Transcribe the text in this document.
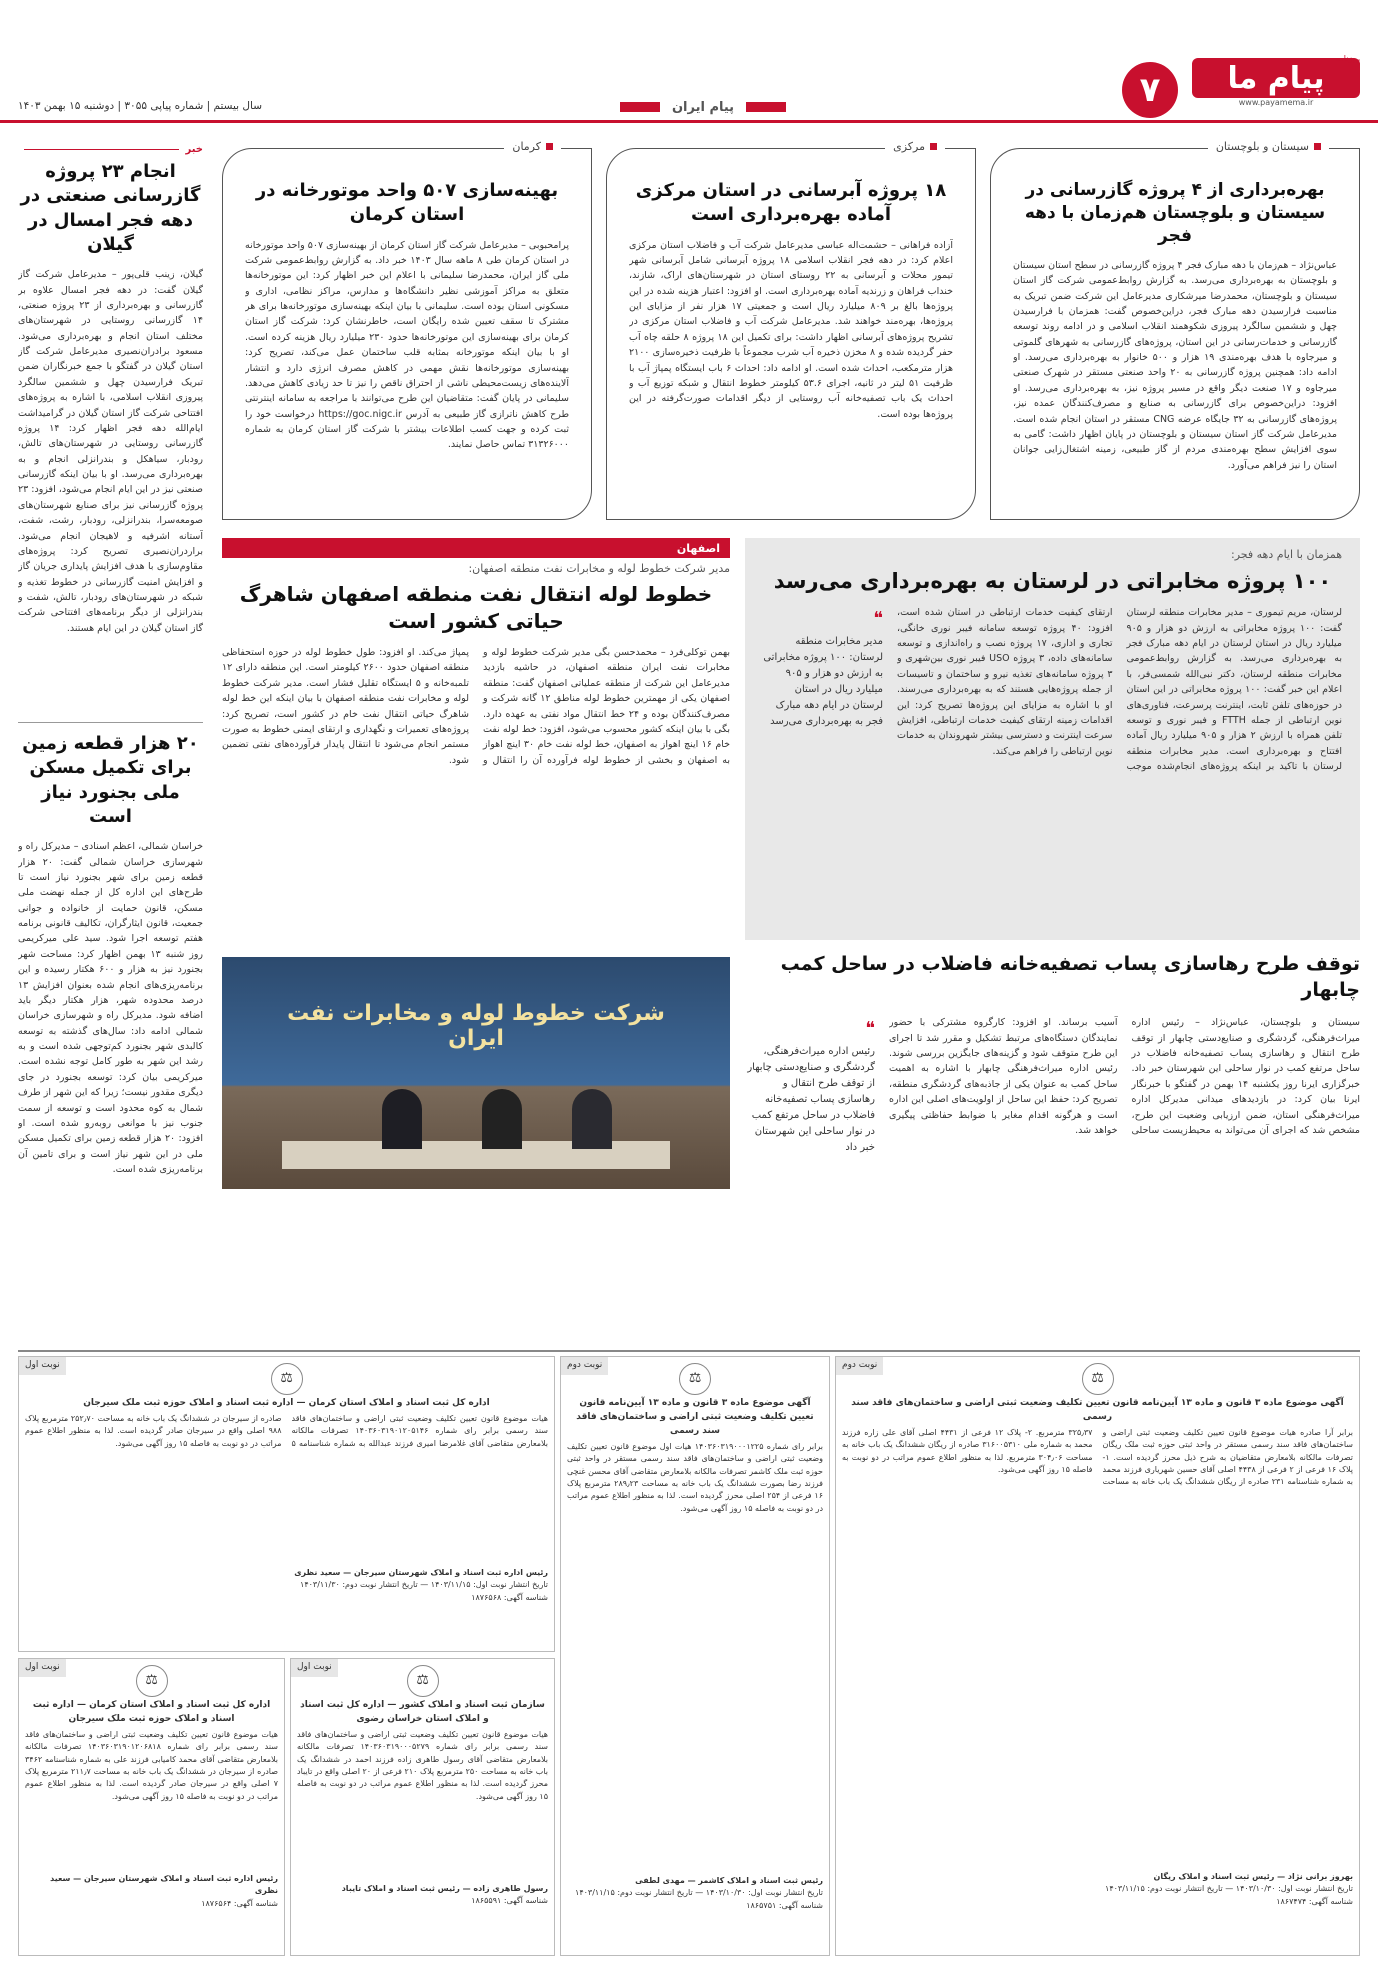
پیام ما
www.payamema.ir
روزنامه
۷
پیام ایران
سال بیستم | شماره پیاپی ۳۰۵۵ | دوشنبه ۱۵ بهمن ۱۴۰۳
سیستان و بلوچستان
بهره‌برداری از ۴ پروژه گازرسانی در سیستان و بلوچستان هم‌زمان با دهه فجر
عباس‌نژاد – هم‌زمان با دهه مبارک فجر ۴ پروژه گازرسانی در سطح استان سیستان و بلوچستان به بهره‌برداری می‌رسد. به گزارش روابط‌عمومی شرکت گاز استان سیستان و بلوچستان، محمدرضا میرشکاری مدیرعامل این شرکت ضمن تبریک به مناسبت فرارسیدن دهه مبارک فجر، دراین‌خصوص گفت: همزمان با فرارسیدن چهل و ششمین سالگرد پیروزی شکوهمند انقلاب اسلامی و در ادامه روند توسعه گازرسانی و خدمات‌رسانی در این استان، پروژه‌های گازرسانی به شهرهای گلموتی و میرجاوه با هدف بهره‌مندی ۱۹ هزار و ۵۰۰ خانوار به بهره‌برداری می‌رسد. او ادامه داد: همچنین پروژه گازرسانی به ۲۰ واحد صنعتی مستقر در شهرک صنعتی میرجاوه و ۱۷ صنعت دیگر واقع در مسیر پروژه نیز، به بهره‌برداری می‌رسد. او افزود: دراین‌خصوص برای گازرسانی به صنایع و مصرف‌کنندگان عمده نیز، پروژه‌های گازرسانی به ۳۲ جایگاه عرضه CNG مستقر در استان انجام شده است. مدیرعامل شرکت گاز استان سیستان و بلوچستان در پایان اظهار داشت: گامی به سوی افزایش سطح بهره‌مندی مردم از گاز طبیعی، زمینه اشتغال‌زایی جوانان استان را نیز فراهم می‌آورد.
مرکزی
۱۸ پروژه آبرسانی در استان مرکزی آماده بهره‌برداری است
آزاده فراهانی – حشمت‌اله عباسی مدیرعامل شرکت آب و فاضلاب استان مرکزی اعلام کرد: در دهه فجر انقلاب اسلامی ۱۸ پروژه آبرسانی شامل آبرسانی شهر تیمور محلات و آبرسانی به ۲۲ روستای استان در شهرستان‌های اراک، شازند، خنداب فراهان و زرندیه آماده بهره‌برداری است. او افزود: اعتبار هزینه شده در این پروژه‌ها بالغ بر ۸۰۹ میلیارد ریال است و جمعیتی ۱۷ هزار نفر از مزایای این پروژه‌ها، بهره‌مند خواهند شد. مدیرعامل شرکت آب و فاضلاب استان مرکزی در تشریح پروژه‌های آبرسانی اظهار داشت: برای تکمیل این ۱۸ پروژه ۸ حلقه چاه آب حفر گردیده شده و ۸ مخزن ذخیره آب شرب مجموعاً با ظرفیت ذخیره‌سازی ۲۱۰۰ هزار مترمکعب، احداث شده است. او ادامه داد: احداث ۶ باب ایستگاه پمپاژ آب با ظرفیت ۵۱ لیتر در ثانیه، اجرای ۵۳.۶ کیلومتر خطوط انتقال و شبکه توزیع آب و احداث یک باب تصفیه‌خانه آب روستایی از دیگر اقدامات صورت‌گرفته در این پروژه‌ها بوده است.
کرمان
بهینه‌سازی ۵۰۷ واحد موتورخانه در استان کرمان
پرامحبوبی – مدیرعامل شرکت گاز استان کرمان از بهینه‌سازی ۵۰۷ واحد موتورخانه در استان کرمان طی ۸ ماهه سال ۱۴۰۳ خبر داد. به گزارش روابط‌عمومی شرکت ملی گاز ایران، محمدرضا سلیمانی با اعلام این خبر اظهار کرد: این موتورخانه‌ها متعلق به مراکز آموزشی نظیر دانشگاه‌ها و مدارس، مراکز نظامی، اداری و مسکونی استان بوده است. سلیمانی با بیان اینکه بهینه‌سازی موتورخانه‌ها برای هر مشترک تا سقف تعیین شده رایگان است، خاطرنشان کرد: شرکت گاز استان کرمان برای بهینه‌سازی این موتورخانه‌ها حدود ۲۳۰ میلیارد ریال هزینه کرده است. او با بیان اینکه موتورخانه بمثابه قلب ساختمان عمل می‌کند، تصریح کرد: بهینه‌سازی موتورخانه‌ها نقش مهمی در کاهش مصرف انرژی دارد و انتشار آلاینده‌های زیست‌محیطی ناشی از احتراق ناقص را نیز تا حد زیادی کاهش می‌دهد. سلیمانی در پایان گفت: متقاضیان این طرح می‌توانند با مراجعه به سامانه اینترنتی طرح کاهش ناترازی گاز طبیعی به آدرس https://goc.nigc.ir درخواست خود را ثبت کرده و جهت کسب اطلاعات بیشتر با شرکت گاز استان کرمان به شماره ۳۱۳۲۶۰۰۰ تماس حاصل نمایند.
خبر
انجام ۲۳ پروژه گازرسانی صنعتی در دهه فجر امسال در گیلان
گیلان، زینب قلی‌پور – مدیرعامل شرکت گاز گیلان گفت: در دهه فجر امسال علاوه بر گازرسانی و بهره‌برداری از ۲۳ پروژه صنعتی، ۱۴ گازرسانی روستایی در شهرستان‌های مختلف استان انجام و بهره‌برداری می‌شود. مسعود برادران‌نصیری مدیرعامل شرکت گاز استان گیلان در گفتگو با جمع خبرنگاران ضمن تبریک فرارسیدن چهل و ششمین سالگرد پیروزی انقلاب اسلامی، با اشاره به پروژه‌های افتتاحی شرکت گاز استان گیلان در گرامیداشت ایام‌الله دهه فجر اظهار کرد: ۱۴ پروژه گازرسانی روستایی در شهرستان‌های تالش، رودبار، سیاهکل و بندرانزلی انجام و به بهره‌برداری می‌رسد. او با بیان اینکه گازرسانی صنعتی نیز در این ایام انجام می‌شود، افزود: ۲۳ پروژه گازرسانی نیز برای صنایع شهرستان‌های صومعه‌سرا، بندرانزلی، رودبار، رشت، شفت، آستانه اشرفیه و لاهیجان انجام می‌شود. براردران‌نصیری تصریح کرد: پروژه‌های مقاوم‌سازی با هدف افزایش پایداری جریان گاز و افزایش امنیت گازرسانی در خطوط تغذیه و شبکه در شهرستان‌های رودبار، تالش، شفت و بندرانزلی از دیگر برنامه‌های افتتاحی شرکت گاز استان گیلان در این ایام هستند.
۲۰ هزار قطعه زمین برای تکمیل مسکن ملی بجنورد نیاز است
خراسان شمالی، اعظم اسنادی – مدیرکل راه و شهرسازی خراسان شمالی گفت: ۲۰ هزار قطعه زمین برای شهر بجنورد نیاز است تا طرح‌های این اداره کل از جمله نهضت ملی مسکن، قانون حمایت از خانواده و جوانی جمعیت، قانون ایثارگران، تکالیف قانونی برنامه هفتم توسعه اجرا شود. سید علی میرکریمی روز شنبه ۱۳ بهمن اظهار کرد: مساحت شهر بجنورد نیز به هزار و ۶۰۰ هکتار رسیده و این برنامه‌ریزی‌های انجام شده بعنوان افزایش ۱۳ درصد محدوده شهر، هزار هکتار دیگر باید اضافه شود. مدیرکل راه و شهرسازی خراسان شمالی ادامه داد: سال‌های گذشته به توسعه کالبدی شهر بجنورد کم‌توجهی شده است و به رشد این شهر به طور کامل توجه نشده است. میرکریمی بیان کرد: توسعه بجنورد در جای دیگری مقدور نیست؛ زیرا که این شهر از طرف شمال به کوه محدود است و توسعه از سمت جنوب نیز با موانعی روبه‌رو شده است. او افزود: ۲۰ هزار قطعه زمین برای تکمیل مسکن ملی در این شهر نیاز است و برای تامین آن برنامه‌ریزی شده است.
همزمان با ایام دهه فجر:
۱۰۰ پروژه مخابراتی در لرستان به بهره‌برداری می‌رسد
لرستان، مریم تیموری – مدیر مخابرات منطقه لرستان گفت: ۱۰۰ پروژه مخابراتی به ارزش دو هزار و ۹۰۵ میلیارد ریال در استان لرستان در ایام دهه مبارک فجر به بهره‌برداری می‌رسد. به گزارش روابط‌عمومی مخابرات منطقه لرستان، دکتر نبی‌الله شمسی‌فر، با اعلام این خبر گفت: ۱۰۰ پروژه مخابراتی در این استان در حوزه‌های تلفن ثابت، اینترنت پرسرعت، فناوری‌های نوین ارتباطی از جمله FTTH و فیبر نوری و توسعه تلفن همراه با ارزش ۲ هزار و ۹۰۵ میلیارد ریال آماده افتتاح و بهره‌برداری است. مدیر مخابرات منطقه لرستان با تاکید بر اینکه پروژه‌های انجام‌شده موجب ارتقای کیفیت خدمات ارتباطی در استان شده است، افزود: ۴۰ پروژه توسعه سامانه فیبر نوری خانگی، تجاری و اداری، ۱۷ پروژه نصب و راه‌اندازی و توسعه سامانه‌های داده، ۳ پروژه USO فیبر نوری بین‌شهری و ۳ پروژه سامانه‌های تغذیه نیرو و ساختمان و تاسیسات از جمله پروژه‌هایی هستند که به بهره‌برداری می‌رسند. او با اشاره به مزایای این پروژه‌ها تصریح کرد: این اقدامات زمینه ارتقای کیفیت خدمات ارتباطی، افزایش سرعت اینترنت و دسترسی بیشتر شهروندان به خدمات نوین ارتباطی را فراهم می‌کند.
❝
مدیر مخابرات منطقه لرستان: ۱۰۰ پروژه مخابراتی به ارزش دو هزار و ۹۰۵ میلیارد ریال در استان لرستان در ایام دهه مبارک فجر به بهره‌برداری می‌رسد
اصفهان
مدیر شرکت خطوط لوله و مخابرات نفت منطقه اصفهان:
خطوط لوله انتقال نفت منطقه اصفهان شاهرگ حیاتی کشور است
بهمن توکلی‌فرد – محمدحسن بگی مدیر شرکت خطوط لوله و مخابرات نفت ایران منطقه اصفهان، در حاشیه بازدید مدیرعامل این شرکت از منطقه عملیاتی اصفهان گفت: منطقه اصفهان یکی از مهمترین خطوط لوله مناطق ۱۲ گانه شرکت و مصرف‌کنندگان بوده و ۲۴ خط انتقال مواد نفتی به عهده دارد. بگی با بیان اینکه کشور محسوب می‌شود، افزود: خط لوله نفت خام ۱۶ اینچ اهواز به اصفهان، خط لوله نفت خام ۳۰ اینچ اهواز به اصفهان و بخشی از خطوط لوله فرآورده آن را انتقال و پمپاژ می‌کند. او افزود: طول خطوط لوله در حوزه استحفاظی منطقه اصفهان حدود ۲۶۰۰ کیلومتر است. این منطقه دارای ۱۲ تلمبه‌خانه و ۵ ایستگاه تقلیل فشار است. مدیر شرکت خطوط لوله و مخابرات نفت منطقه اصفهان با بیان اینکه این خط لوله شاهرگ حیاتی انتقال نفت خام در کشور است، تصریح کرد: پروژه‌های تعمیرات و نگهداری و ارتقای ایمنی خطوط به صورت مستمر انجام می‌شود تا انتقال پایدار فرآورده‌های نفتی تضمین شود.
شرکت خطوط لوله و مخابرات نفت ایران
توقف طرح رهاسازی پساب تصفیه‌خانه فاضلاب در ساحل کمب چابهار
سیستان و بلوچستان، عباس‌نژاد – رئیس اداره میراث‌فرهنگی، گردشگری و صنایع‌دستی چابهار از توقف طرح انتقال و رهاسازی پساب تصفیه‌خانه فاضلاب در ساحل مرتفع کمب در نوار ساحلی این شهرستان خبر داد. خبرگزاری ایرنا روز یکشنبه ۱۴ بهمن در گفتگو با خبرنگار ایرنا بیان کرد: در بازدیدهای میدانی مدیرکل اداره میراث‌فرهنگی استان، ضمن ارزیابی وضعیت این طرح، مشخص شد که اجرای آن می‌تواند به محیط‌زیست ساحلی آسیب برساند. او افزود: کارگروه مشترکی با حضور نمایندگان دستگاه‌های مرتبط تشکیل و مقرر شد تا اجرای این طرح متوقف شود و گزینه‌های جایگزین بررسی شوند. رئیس اداره میراث‌فرهنگی چابهار با اشاره به اهمیت ساحل کمب به عنوان یکی از جاذبه‌های گردشگری منطقه، تصریح کرد: حفظ این ساحل از اولویت‌های اصلی این اداره است و هرگونه اقدام مغایر با ضوابط حفاظتی پیگیری خواهد شد.
❝
رئیس اداره میراث‌فرهنگی، گردشگری و صنایع‌دستی چابهار از توقف طرح انتقال و رهاسازی پساب تصفیه‌خانه فاضلاب در ساحل مرتفع کمب در نوار ساحلی این شهرستان خبر داد
نوبت دوم
⚖
آگهی موضوع ماده ۳ قانون و ماده ۱۳ آیین‌نامه قانون تعیین تکلیف وضعیت ثبتی اراضی و ساختمان‌های فاقد سند رسمی
برابر آرا صادره هیات موضوع قانون تعیین تکلیف وضعیت ثبتی اراضی و ساختمان‌های فاقد سند رسمی مستقر در واحد ثبتی حوزه ثبت ملک ریگان تصرفات مالکانه بلامعارض متقاضیان به شرح ذیل محرز گردیده است. ۱- پلاک ۱۶ فرعی از ۲ فرعی از ۴۴۳۸ اصلی آقای حسین شهریاری فرزند محمد به شماره شناسنامه ۲۳۱ صادره از ریگان ششدانگ یک باب خانه به مساحت ۳۲۵٫۳۷ مترمربع. ۲- پلاک ۱۲ فرعی از ۴۴۳۱ اصلی آقای علی زاره فرزند محمد به شماره ملی ۳۱۶۰۰۵۳۱۰ صادره از ریگان ششدانگ یک باب خانه به مساحت ۳۰۴٫۰۶ مترمربع. لذا به منظور اطلاع عموم مراتب در دو نوبت به فاصله ۱۵ روز آگهی می‌شود.
بهروز برانی نژاد — رئیس ثبت اسناد و املاک ریگان
تاریخ انتشار نوبت اول: ۱۴۰۳/۱۰/۳۰ — تاریخ انتشار نوبت دوم: ۱۴۰۳/۱۱/۱۵
شناسه آگهی: ۱۸۶۷۴۷۴
نوبت دوم
⚖
آگهی موضوع ماده ۳ قانون و ماده ۱۳ آیین‌نامه قانون تعیین تکلیف وضعیت ثبتی اراضی و ساختمان‌های فاقد سند رسمی
برابر رای شماره ۱۴۰۳۶۰۳۱۹۰۰۰۱۲۲۵ هیات اول موضوع قانون تعیین تکلیف وضعیت ثبتی اراضی و ساختمان‌های فاقد سند رسمی مستقر در واحد ثبتی حوزه ثبت ملک کاشمر تصرفات مالکانه بلامعارض متقاضی آقای محسن غنچی فرزند رضا بصورت ششدانگ یک باب خانه به مساحت ۲۸۹٫۲۳ مترمربع پلاک ۱۶ فرعی از ۲۵۴ اصلی محرز گردیده است. لذا به منظور اطلاع عموم مراتب در دو نوبت به فاصله ۱۵ روز آگهی می‌شود.
رئیس ثبت اسناد و املاک کاشمر — مهدی لطفی
تاریخ انتشار نوبت اول: ۱۴۰۳/۱۰/۳۰ — تاریخ انتشار نوبت دوم: ۱۴۰۳/۱۱/۱۵
شناسه آگهی: ۱۸۶۵۷۵۱
نوبت اول
⚖
اداره کل ثبت اسناد و املاک استان کرمان — اداره ثبت اسناد و املاک حوزه ثبت ملک سیرجان
هیات موضوع قانون تعیین تکلیف وضعیت ثبتی اراضی و ساختمان‌های فاقد سند رسمی برابر رای شماره ۱۴۰۳۶۰۳۱۹۰۱۲۰۵۱۴۶ تصرفات مالکانه بلامعارض متقاضی آقای غلامرضا امیری فرزند عبدالله به شماره شناسنامه ۵ صادره از سیرجان در ششدانگ یک باب خانه به مساحت ۲۵۲٫۷۰ مترمربع پلاک ۹۸۸ اصلی واقع در سیرجان صادر گردیده است. لذا به منظور اطلاع عموم مراتب در دو نوبت به فاصله ۱۵ روز آگهی می‌شود.
رئیس اداره ثبت اسناد و املاک شهرستان سیرجان — سعید نظری
تاریخ انتشار نوبت اول: ۱۴۰۳/۱۱/۱۵ — تاریخ انتشار نوبت دوم: ۱۴۰۳/۱۱/۳۰
شناسه آگهی: ۱۸۷۶۵۶۸
نوبت اول
⚖
سازمان ثبت اسناد و املاک کشور — اداره کل ثبت اسناد و املاک استان خراسان رضوی
هیات موضوع قانون تعیین تکلیف وضعیت ثبتی اراضی و ساختمان‌های فاقد سند رسمی برابر رای شماره ۱۴۰۳۶۰۳۱۹۰۰۰۵۲۷۹ تصرفات مالکانه بلامعارض متقاضی آقای رسول طاهری زاده فرزند احمد در ششدانگ یک باب خانه به مساحت ۲۵۰ مترمربع پلاک ۲۱۰ فرعی از ۲۰ اصلی واقع در تایباد محرز گردیده است. لذا به منظور اطلاع عموم مراتب در دو نوبت به فاصله ۱۵ روز آگهی می‌شود.
رسول طاهری زاده — رئیس ثبت اسناد و املاک تایباد
شناسه آگهی: ۱۸۶۵۵۹۱
نوبت اول
⚖
اداره کل ثبت اسناد و املاک استان کرمان — اداره ثبت اسناد و املاک حوزه ثبت ملک سیرجان
هیات موضوع قانون تعیین تکلیف وضعیت ثبتی اراضی و ساختمان‌های فاقد سند رسمی برابر رای شماره ۱۴۰۳۶۰۳۱۹۰۱۲۰۶۸۱۸ تصرفات مالکانه بلامعارض متقاضی آقای محمد کامیابی فرزند علی به شماره شناسنامه ۳۴۶۲ صادره از سیرجان در ششدانگ یک باب خانه به مساحت ۲۱۱٫۷ مترمربع پلاک ۷ اصلی واقع در سیرجان صادر گردیده است. لذا به منظور اطلاع عموم مراتب در دو نوبت به فاصله ۱۵ روز آگهی می‌شود.
رئیس اداره ثبت اسناد و املاک شهرستان سیرجان — سعید نظری
شناسه آگهی: ۱۸۷۶۵۶۴
